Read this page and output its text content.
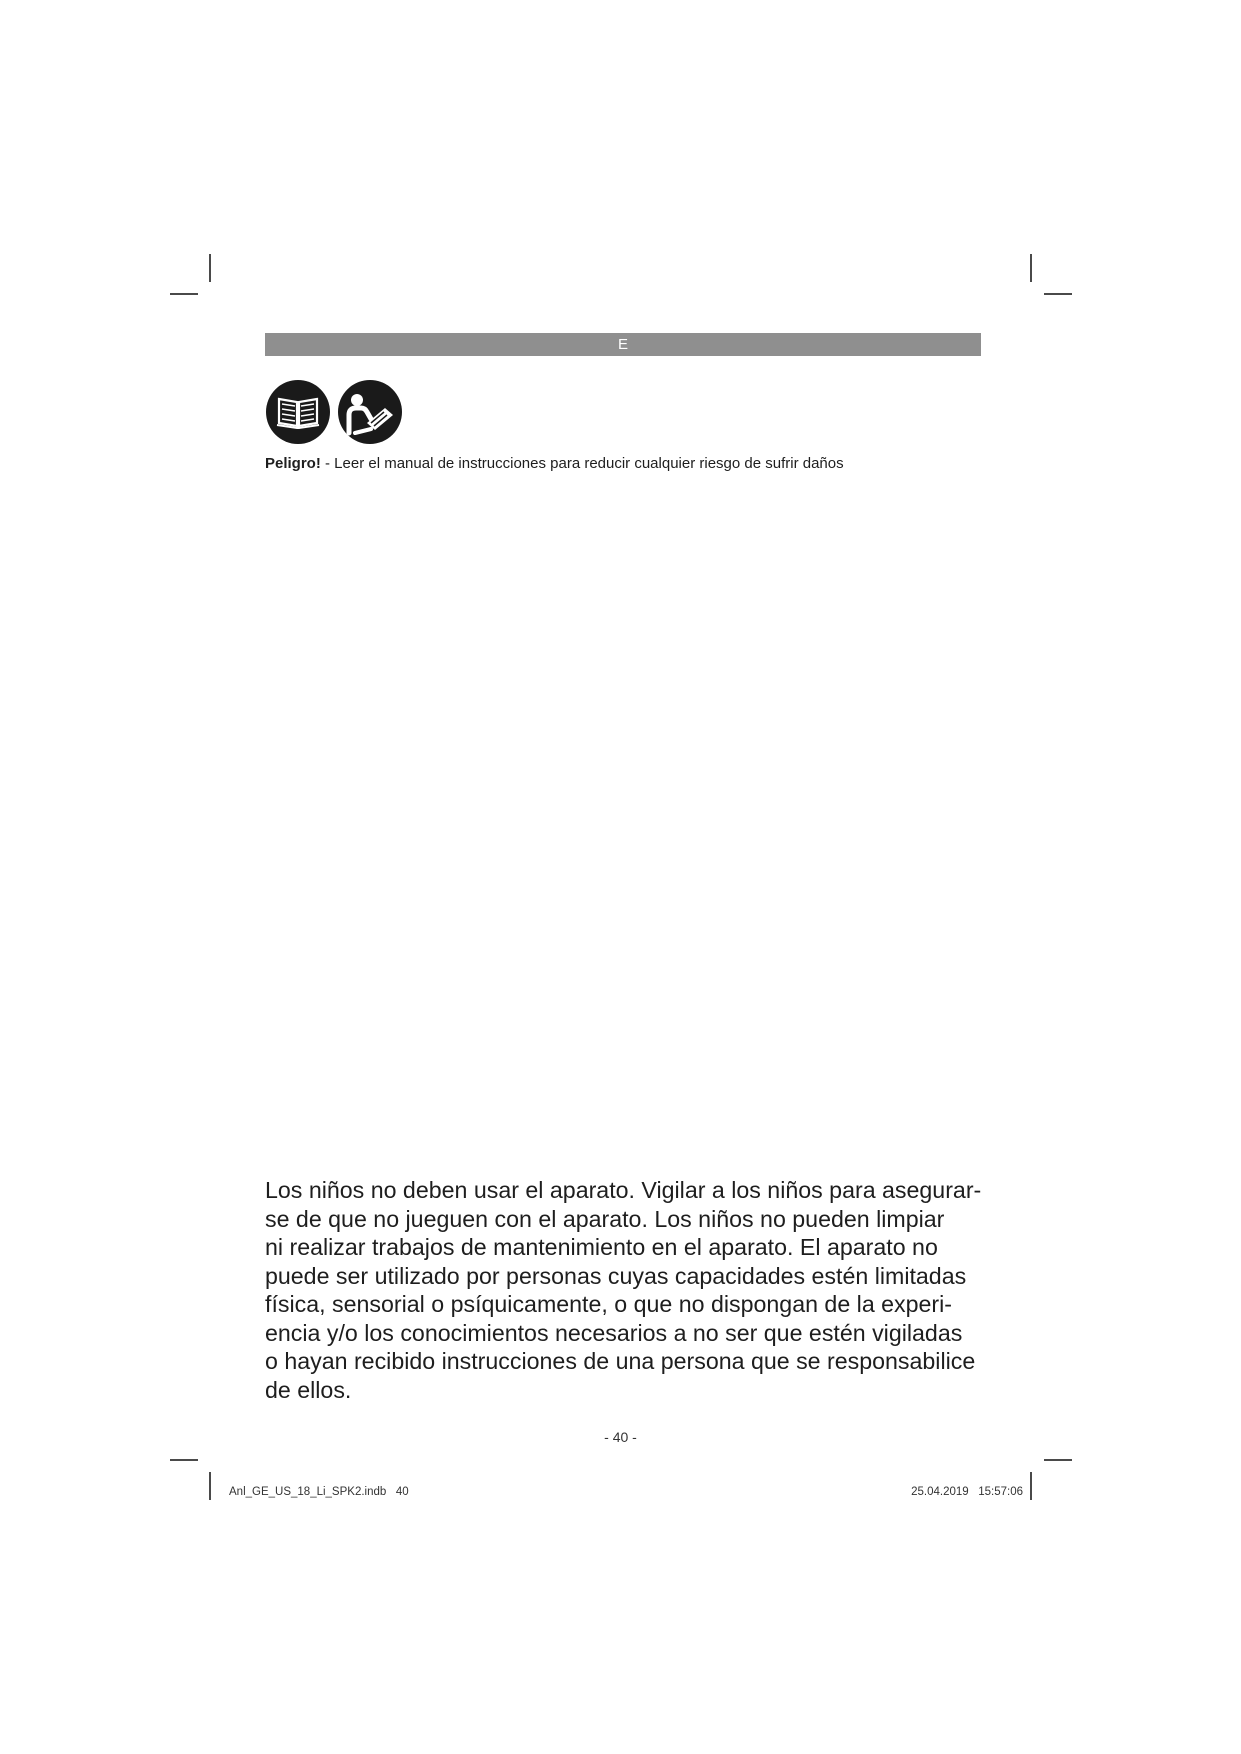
E
Peligro! - Leer el manual de instrucciones para reducir cualquier riesgo de sufrir daños
Los niños no deben usar el aparato. Vigilar a los niños para asegurar-
se de que no jueguen con el aparato. Los niños no pueden limpiar
ni realizar trabajos de mantenimiento en el aparato. El aparato no
puede ser utilizado por personas cuyas capacidades estén limitadas
física, sensorial o psíquicamente, o que no dispongan de la experi-
encia y/o los conocimientos necesarios a no ser que estén vigiladas
o hayan recibido instrucciones de una persona que se responsabilice
de ellos.
- 40 -
Anl_GE_US_18_Li_SPK2.indb   40	25.04.2019   15:57:06
